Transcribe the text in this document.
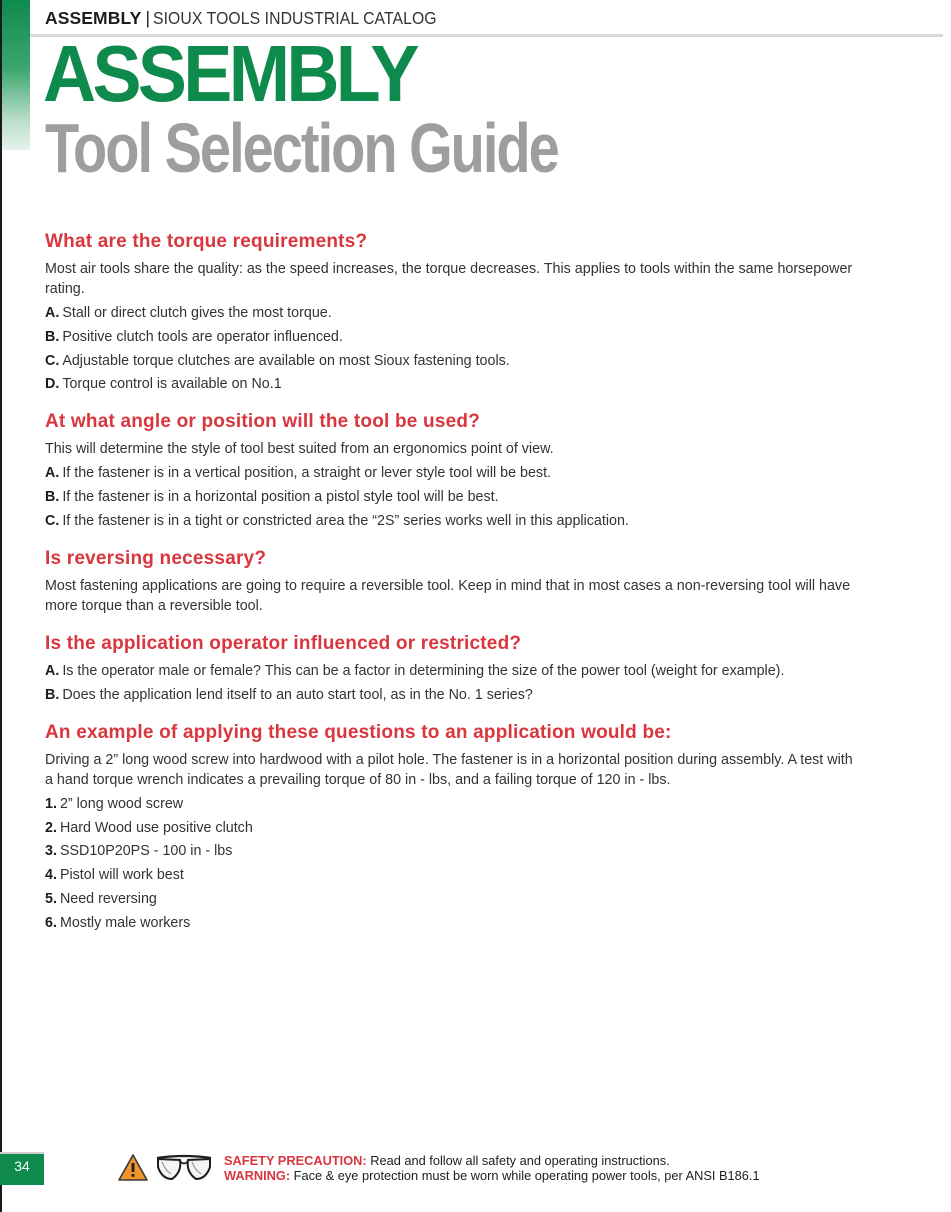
ASSEMBLY | SIOUX TOOLS INDUSTRIAL CATALOG
ASSEMBLY
Tool Selection Guide
What are the torque requirements?

Most air tools share the quality: as the speed increases, the torque decreases. This applies to tools within the same horsepower rating.

A. Stall or direct clutch gives the most torque.
B. Positive clutch tools are operator influenced.
C. Adjustable torque clutches are available on most Sioux fastening tools.
D. Torque control is available on No.1
At what angle or position will the tool be used?

This will determine the style of tool best suited from an ergonomics point of view.

A. If the fastener is in a vertical position, a straight or lever style tool will be best.
B. If the fastener is in a horizontal position a pistol style tool will be best.
C. If the fastener is in a tight or constricted area the “2S” series works well in this application.
Is reversing necessary?

Most fastening applications are going to require a reversible tool. Keep in mind that in most cases a non-reversing tool will have more torque than a reversible tool.

Is the application operator influenced or restricted?
A. Is the operator male or female? This can be a factor in determining the size of the power tool (weight for example).
B. Does the application lend itself to an auto start tool, as in the No. 1 series?
An example of applying these questions to an application would be:

Driving a 2” long wood screw into hardwood with a pilot hole. The fastener is in a horizontal position during assembly. A test with a hand torque wrench indicates a prevailing torque of 80 in - lbs, and a failing torque of 120 in - lbs.

1. 2” long wood screw
2. Hard Wood use positive clutch
3. SSD10P20PS - 100 in - lbs
4. Pistol will work best
5. Need reversing
6. Mostly male workers
34	SAFETY PRECAUTION: Read and follow all safety and operating instructions.
WARNING: Face & eye protection must be worn while operating power tools, per ANSI B186.1
